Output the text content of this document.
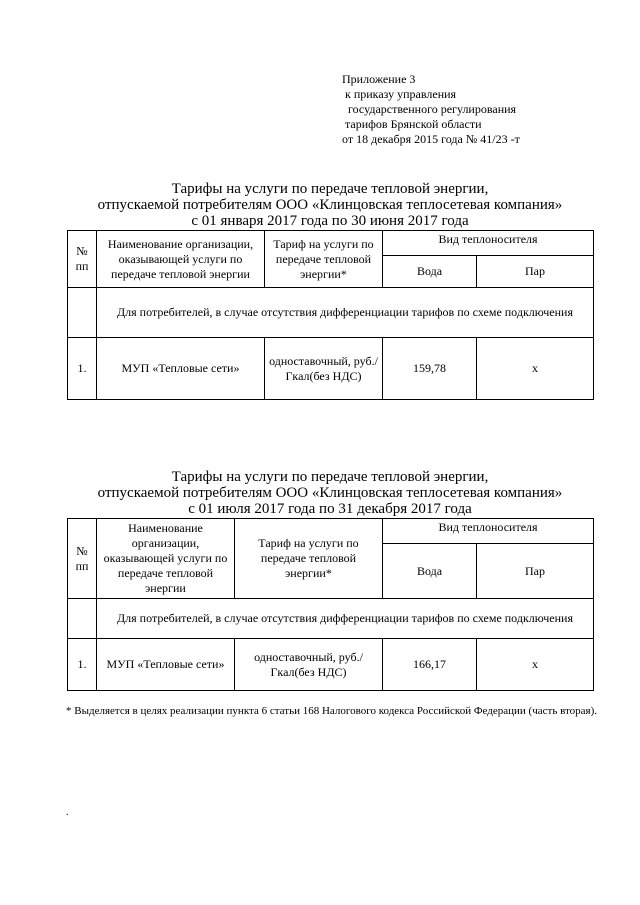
Приложение 3
к приказу управления
государственного регулирования
тарифов Брянской области
от 18 декабря 2015 года № 41/23 -т
Тарифы на услуги по передаче тепловой энергии,
отпускаемой потребителям ООО «Клинцовская теплосетевая компания»
с 01 января 2017 года по 30 июня 2017 года
№ пп	Наименование организации, оказывающей услуги по передаче тепловой энергии	Тариф на услуги по передаче тепловой энергии*	Вид теплоносителя	
			Вода	Пар
	Для потребителей, в случае отсутствия дифференциации тарифов по схеме подключения			
1.	МУП «Тепловые сети»	одноставочный, руб./Гкал(без НДС)	159,78	х
Тарифы на услуги по передаче тепловой энергии,
отпускаемой потребителям ООО «Клинцовская теплосетевая компания»
с 01 июля 2017 года по 31 декабря 2017 года
№ пп	Наименование организации, оказывающей услуги по передаче тепловой энергии	Тариф на услуги по передаче тепловой энергии*	Вид теплоносителя	
			Вода	Пар
	Для потребителей, в случае отсутствия дифференциации тарифов по схеме подключения			
1.	МУП «Тепловые сети»	одноставочный, руб./Гкал(без НДС)	166,17	х
* Выделяется в целях реализации пункта 6 статьи 168 Налогового кодекса Российской Федерации (часть вторая).
.
